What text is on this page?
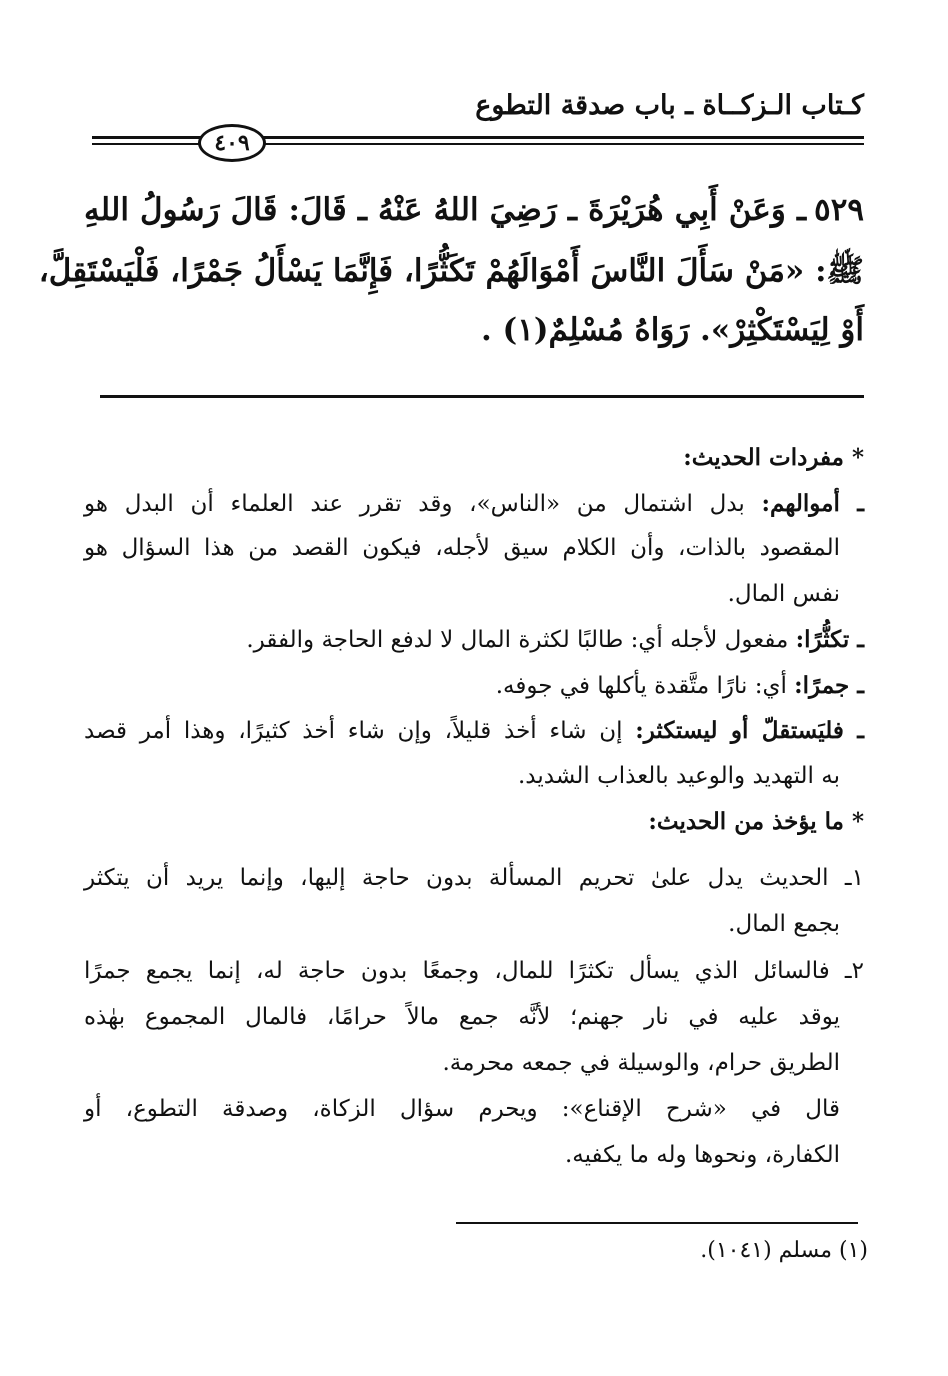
كـتاب الـزكــاة ـ باب صدقة التطوع
٤٠٩
٥٢٩ـ وَعَنْ أَبِي هُرَيْرَةَ ـ رَضِيَ اللهُ عَنْهُ ـ قَالَ: قَالَ رَسُولُ اللهِ
ﷺ: «مَنْ سَأَلَ النَّاسَ أَمْوَالَهُمْ تَكَثُّرًا، فَإِنَّمَا يَسْأَلُ جَمْرًا، فَلْيَسْتَقِلَّ،
أَوْ لِيَسْتَكْثِرْ». رَوَاهُ مُسْلِمٌ(١) .
* مفردات الحديث:
ـ أموالهم: بدل اشتمال من «الناس»، وقد تقرر عند العلماء أن البدل هو
المقصود بالذات، وأن الكلام سيق لأجله، فيكون القصد من هذا السؤال هو
نفس المال.
ـ تكثُّرًا: مفعول لأجله أي: طالبًا لكثرة المال لا لدفع الحاجة والفقر.
ـ جمرًا: أي: نارًا متَّقدة يأكلها في جوفه.
ـ فليَستقلّ أو ليستكثر: إن شاء أخذ قليلاً، وإن شاء أخذ كثيرًا، وهذا أمر قصد
به التهديد والوعيد بالعذاب الشديد.
* ما يؤخذ من الحديث:
١ـ الحديث يدل علىٰ تحريم المسألة بدون حاجة إليها، وإنما يريد أن يتكثر
بجمع المال.
٢ـ فالسائل الذي يسأل تكثرًا للمال، وجمعًا بدون حاجة له، إنما يجمع جمرًا
يوقد عليه في نار جهنم؛ لأنَّه جمع مالاً حرامًا، فالمال المجموع بهٰذه
الطريق حرام، والوسيلة في جمعه محرمة.
قال في «شرح الإقناع»: ويحرم سؤال الزكاة، وصدقة التطوع، أو
الكفارة، ونحوها وله ما يكفيه.
(١) مسلم (١٠٤١).
